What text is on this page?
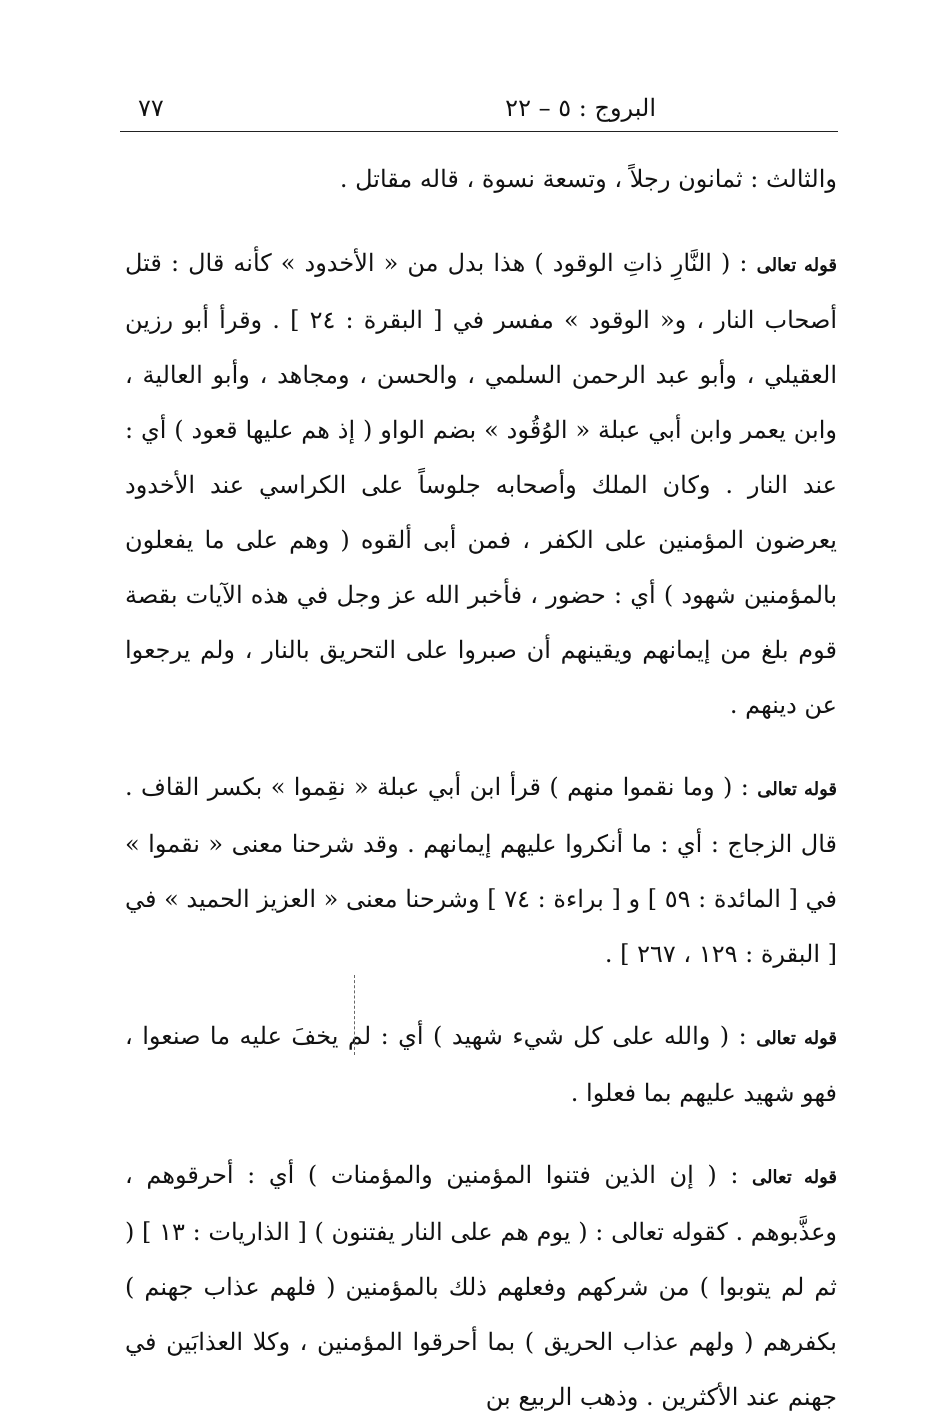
٧٧	البروج : ٥ – ٢٢

والثالث : ثمانون رجلاً ، وتسعة نسوة ، قاله مقاتل .

قوله تعالى : ( النَّارِ ذاتِ الوقود ) هذا بدل من « الأخدود » كأنه قال : قتل أصحاب النار ، و« الوقود » مفسر في [ البقرة : ٢٤ ] . وقرأ أبو رزين العقيلي ، وأبو عبد الرحمن السلمي ، والحسن ، ومجاهد ، وأبو العالية ، وابن يعمر وابن أبي عبلة « الوُقُود » بضم الواو ( إذ هم عليها قعود ) أي : عند النار . وكان الملك وأصحابه جلوساً على الكراسي عند الأخدود يعرضون المؤمنين على الكفر ، فمن أبى ألقوه ( وهم على ما يفعلون بالمؤمنين شهود ) أي : حضور ، فأخبر الله عز وجل في هذه الآيات بقصة قوم بلغ من إيمانهم ويقينهم أن صبروا على التحريق بالنار ، ولم يرجعوا عن دينهم .

قوله تعالى : ( وما نقموا منهم ) قرأ ابن أبي عبلة « نقِموا » بكسر القاف . قال الزجاج : أي : ما أنكروا عليهم إيمانهم . وقد شرحنا معنى « نقموا » في [ المائدة : ٥٩ ] و [ براءة : ٧٤ ] وشرحنا معنى « العزيز الحميد » في [ البقرة : ١٢٩ ، ٢٦٧ ] .

قوله تعالى : ( والله على كل شيء شهيد ) أي : لم يخفَ عليه ما صنعوا ، فهو شهيد عليهم بما فعلوا .

قوله تعالى : ( إن الذين فتنوا المؤمنين والمؤمنات ) أي : أحرقوهم ، وعذَّبوهم . كقوله تعالى : ( يوم هم على النار يفتنون ) [ الذاريات : ١٣ ] ( ثم لم يتوبوا ) من شركهم وفعلهم ذلك بالمؤمنين ( فلهم عذاب جهنم ) بكفرهم ( ولهم عذاب الحريق ) بما أحرقوا المؤمنين ، وكلا العذابَين في جهنم عند الأكثرين . وذهب الربيع بن
